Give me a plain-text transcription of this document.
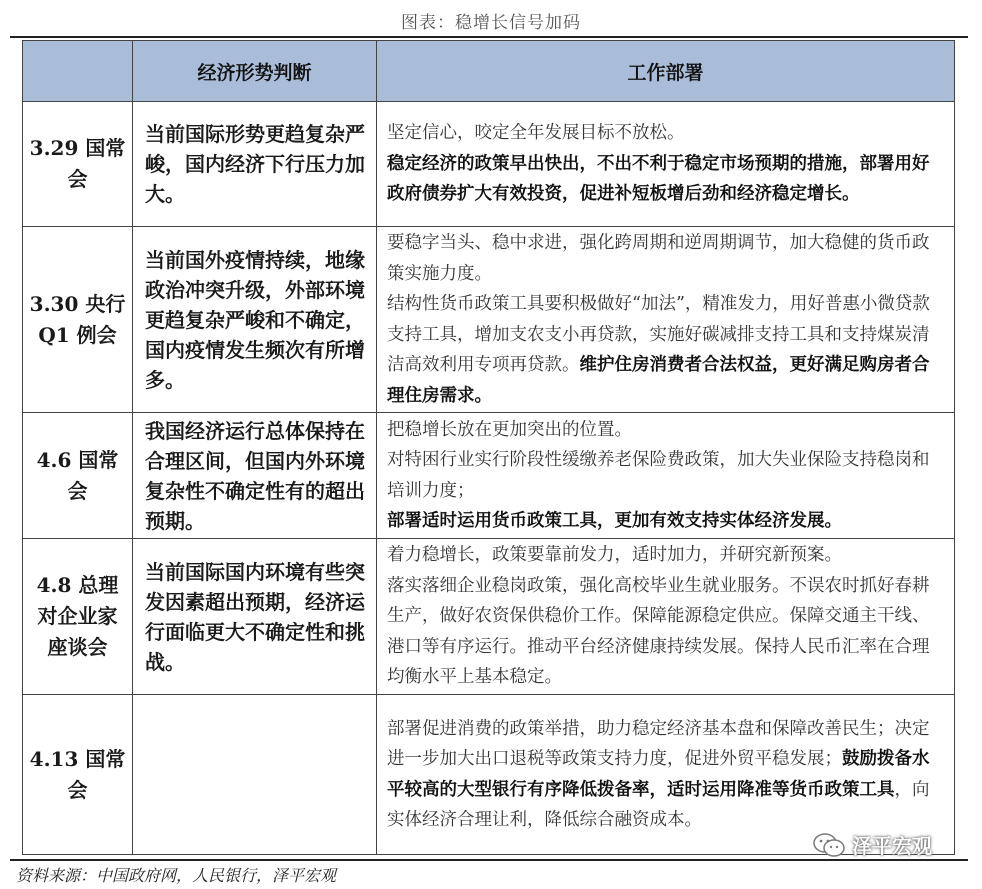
图表：稳增长信号加码
	经济形势判断	工作部署
3.29 国常会	当前国际形势更趋复杂严峻，国内经济下行压力加大。	坚定信心，咬定全年发展目标不放松。

稳定经济的政策早出快出，不出不利于稳定市场预期的措施，部署用好政府债券扩大有效投资，促进补短板增后劲和经济稳定增长。

3.30 央行Q1 例会	当前国外疫情持续，地缘政治冲突升级，外部环境更趋复杂严峻和不确定，国内疫情发生频次有所增多。	要稳字当头、稳中求进，强化跨周期和逆周期调节，加大稳健的货币政策实施力度。

结构性货币政策工具要积极做好“加法”，精准发力，用好普惠小微贷款支持工具，增加支农支小再贷款，实施好碳减排支持工具和支持煤炭清洁高效利用专项再贷款。维护住房消费者合法权益，更好满足购房者合理住房需求。

4.6 国常会	我国经济运行总体保持在合理区间，但国内外环境复杂性不确定性有的超出预期。	把稳增长放在更加突出的位置。

对特困行业实行阶段性缓缴养老保险费政策，加大失业保险支持稳岗和培训力度；

部署适时运用货币政策工具，更加有效支持实体经济发展。

4.8 总理对企业家座谈会	当前国际国内环境有些突发因素超出预期，经济运行面临更大不确定性和挑战。	着力稳增长，政策要靠前发力，适时加力，并研究新预案。

落实落细企业稳岗政策，强化高校毕业生就业服务。不误农时抓好春耕生产，做好农资保供稳价工作。保障能源稳定供应。保障交通主干线、港口等有序运行。推动平台经济健康持续发展。保持人民币汇率在合理均衡水平上基本稳定。

4.13 国常会		部署促进消费的政策举措，助力稳定经济基本盘和保障改善民生；决定进一步加大出口退税等政策支持力度，促进外贸平稳发展；鼓励拨备水平较高的大型银行有序降低拨备率，适时运用降准等货币政策工具，向实体经济合理让利，降低综合融资成本。

泽平宏观
资料来源：中国政府网，人民银行，泽平宏观
